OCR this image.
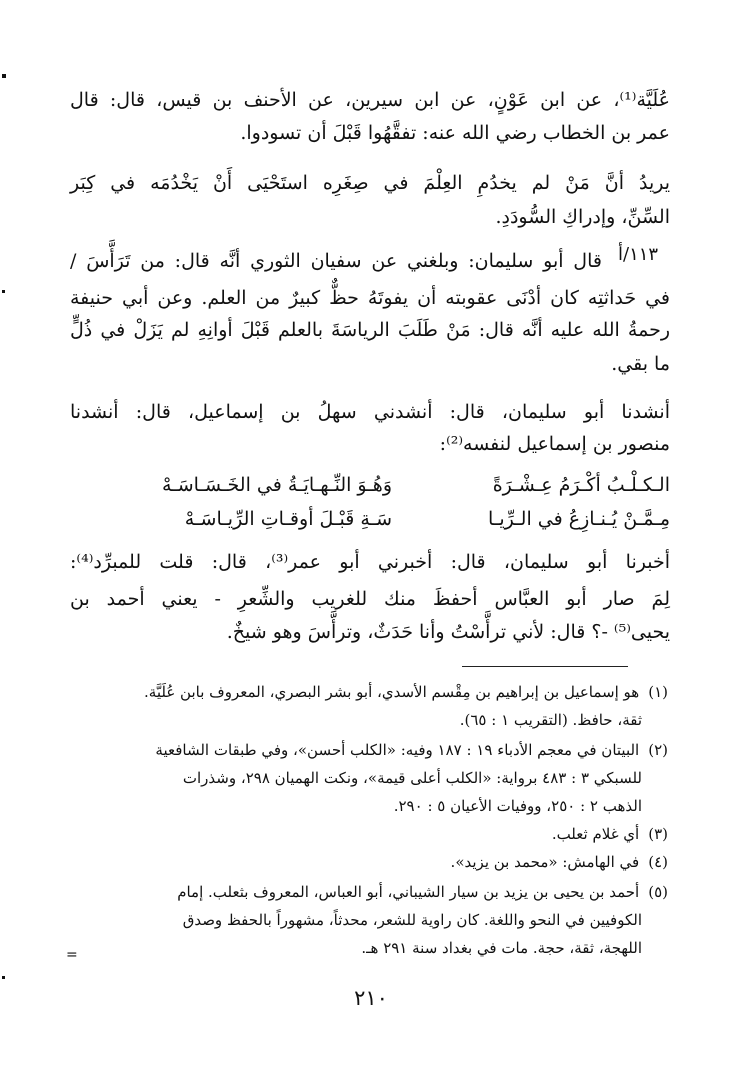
عُلَيَّة⁽¹⁾، عن ابن عَوْنٍ، عن ابن سيرين، عن الأحنف بن قيس، قال: قال
عمر بن الخطاب رضي الله عنه: تفقَّهُوا قَبْلَ أن تسودوا.
يريدُ أنَّ مَنْ لم يخدُمِ العِلْمَ في صِغَرِه استَحْيَى أَنْ يَخْدُمَه في كِبَر
السِّنِّ، وإدراكِ السُّودَدِ.
١١٣/أ
قال أبو سليمان: وبلغني عن سفيان الثوري أنَّه قال: من تَرَأَّسَ /
في حَداثتِه كان أدْنَى عقوبته أن يفوتَهُ حظٌّ كبيرٌ من العلم. وعن أبي حنيفة
رحمةُ الله عليه أنَّه قال: مَنْ طَلَبَ الرياسَةَ بالعلم قَبْلَ أوانِهِ لم يَزَلْ في ذُلٍّ
ما بقي.
أنشدنا أبو سليمان، قال: أنشدني سهلُ بن إسماعيل، قال: أنشدنا
منصور بن إسماعيل لنفسه⁽²⁾:
الـكـلْـبُ أكْـرَمُ عِـشْـرَةً
وَهُـوَ النِّـهـايَـةُ في الخَـسَـاسَـهْ
مِـمَّـنْ يُـنـازِعُ في الـرِّيـا
سَـةِ قَبْـلَ أوقـاتِ الرِّيـاسَـهْ
أخبرنا أبو سليمان، قال: أخبرني أبو عمر⁽³⁾، قال: قلت للمبرِّد⁽⁴⁾:
لِمَ صار أبو العبَّاس أحفظَ منك للغريب والشِّعرِ - يعني أحمد بن
يحيى⁽⁵⁾ -؟ قال: لأني ترأَّسْتُ وأنا حَدَثٌ، وترأَّسَ وهو شيخٌ.
(١) هو إسماعيل بن إبراهيم بن مِقْسم الأسدي، أبو بشر البصري، المعروف بابن عُلَيَّة.
ثقة، حافظ. (التقريب ١ : ٦٥).
(٢) البيتان في معجم الأدباء ١٩ : ١٨٧ وفيه: «الكلب أحسن»، وفي طبقات الشافعية
للسبكي ٣ : ٤٨٣ برواية: «الكلب أعلى قيمة»، ونكت الهميان ٢٩٨، وشذرات
الذهب ٢ : ٢٥٠، ووفيات الأعيان ٥ : ٢٩٠.
(٣) أي غلام ثعلب.
(٤) في الهامش: «محمد بن يزيد».
(٥) أحمد بن يحيى بن يزيد بن سيار الشيباني، أبو العباس، المعروف بثعلب. إمام
الكوفيين في النحو واللغة. كان راوية للشعر، محدثاً، مشهوراً بالحفظ وصدق
اللهجة، ثقة، حجة. مات في بغداد سنة ٢٩١ هـ.
=
٢١٠
